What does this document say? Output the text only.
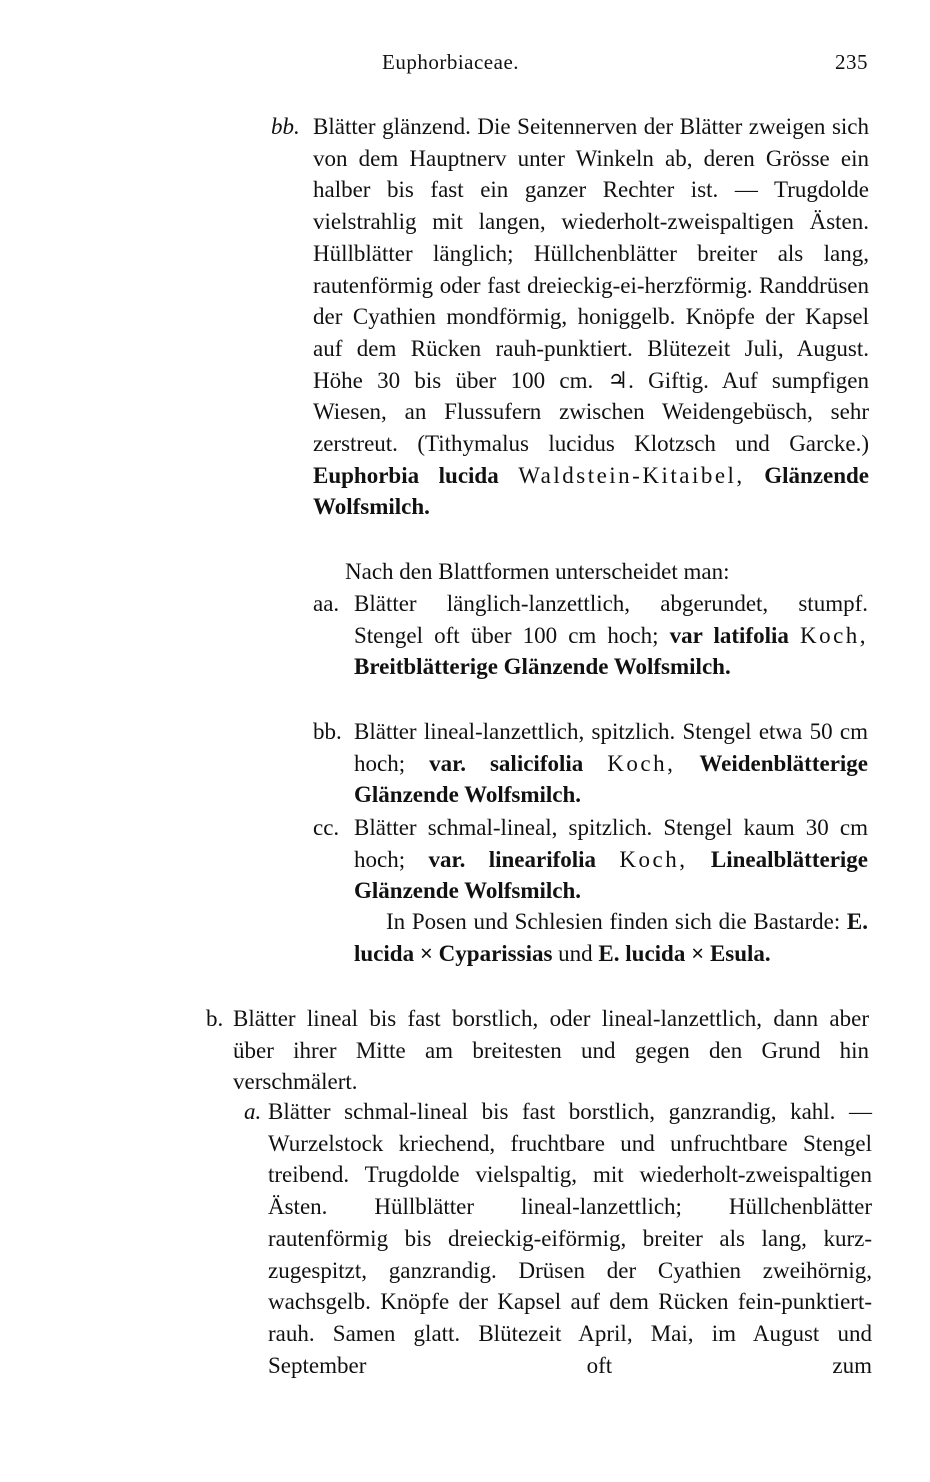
Euphorbiaceae.	235
bb. Blätter glänzend. Die Seitennerven der Blätter zweigen sich von dem Hauptnerv unter Winkeln ab, deren Grösse ein halber bis fast ein ganzer Rechter ist. — Trugdolde vielstrahlig mit langen, wiederholt-zweispaltigen Ästen. Hüllblätter länglich; Hüllchenblätter breiter als lang, rautenförmig oder fast dreieckig-ei-herzförmig. Randdrüsen der Cyathien mondförmig, honiggelb. Knöpfe der Kapsel auf dem Rücken rauh-punktiert. Blütezeit Juli, August. Höhe 30 bis über 100 cm. ♃. Giftig. Auf sumpfigen Wiesen, an Flussufern zwischen Weidengebüsch, sehr zerstreut. (Tithymalus lucidus Klotzsch und Garcke.) Euphorbia lucida Waldstein-Kitaibel, Glänzende Wolfsmilch.
Nach den Blattformen unterscheidet man:
aa. Blätter länglich-lanzettlich, abgerundet, stumpf. Stengel oft über 100 cm hoch; var latifolia Koch, Breitblätterige Glänzende Wolfsmilch.
bb. Blätter lineal-lanzettlich, spitzlich. Stengel etwa 50 cm hoch; var. salicifolia Koch, Weidenblätterige Glänzende Wolfsmilch.
cc. Blätter schmal-lineal, spitzlich. Stengel kaum 30 cm hoch; var. linearifolia Koch, Linealblätterige Glänzende Wolfsmilch.
In Posen und Schlesien finden sich die Bastarde: E. lucida × Cyparissias und E. lucida × Esula.
b. Blätter lineal bis fast borstlich, oder lineal-lanzettlich, dann aber über ihrer Mitte am breitesten und gegen den Grund hin verschmälert.
a. Blätter schmal-lineal bis fast borstlich, ganzrandig, kahl. — Wurzelstock kriechend, fruchtbare und unfruchtbare Stengel treibend. Trugdolde vielspaltig, mit wiederholt-zweispaltigen Ästen. Hüllblätter lineal-lanzettlich; Hüllchenblätter rautenförmig bis dreieckig-eiförmig, breiter als lang, kurz-zugespitzt, ganzrandig. Drüsen der Cyathien zweihörnig, wachsgelb. Knöpfe der Kapsel auf dem Rücken fein-punktiert-rauh. Samen glatt. Blütezeit April, Mai, im August und September oft zum
